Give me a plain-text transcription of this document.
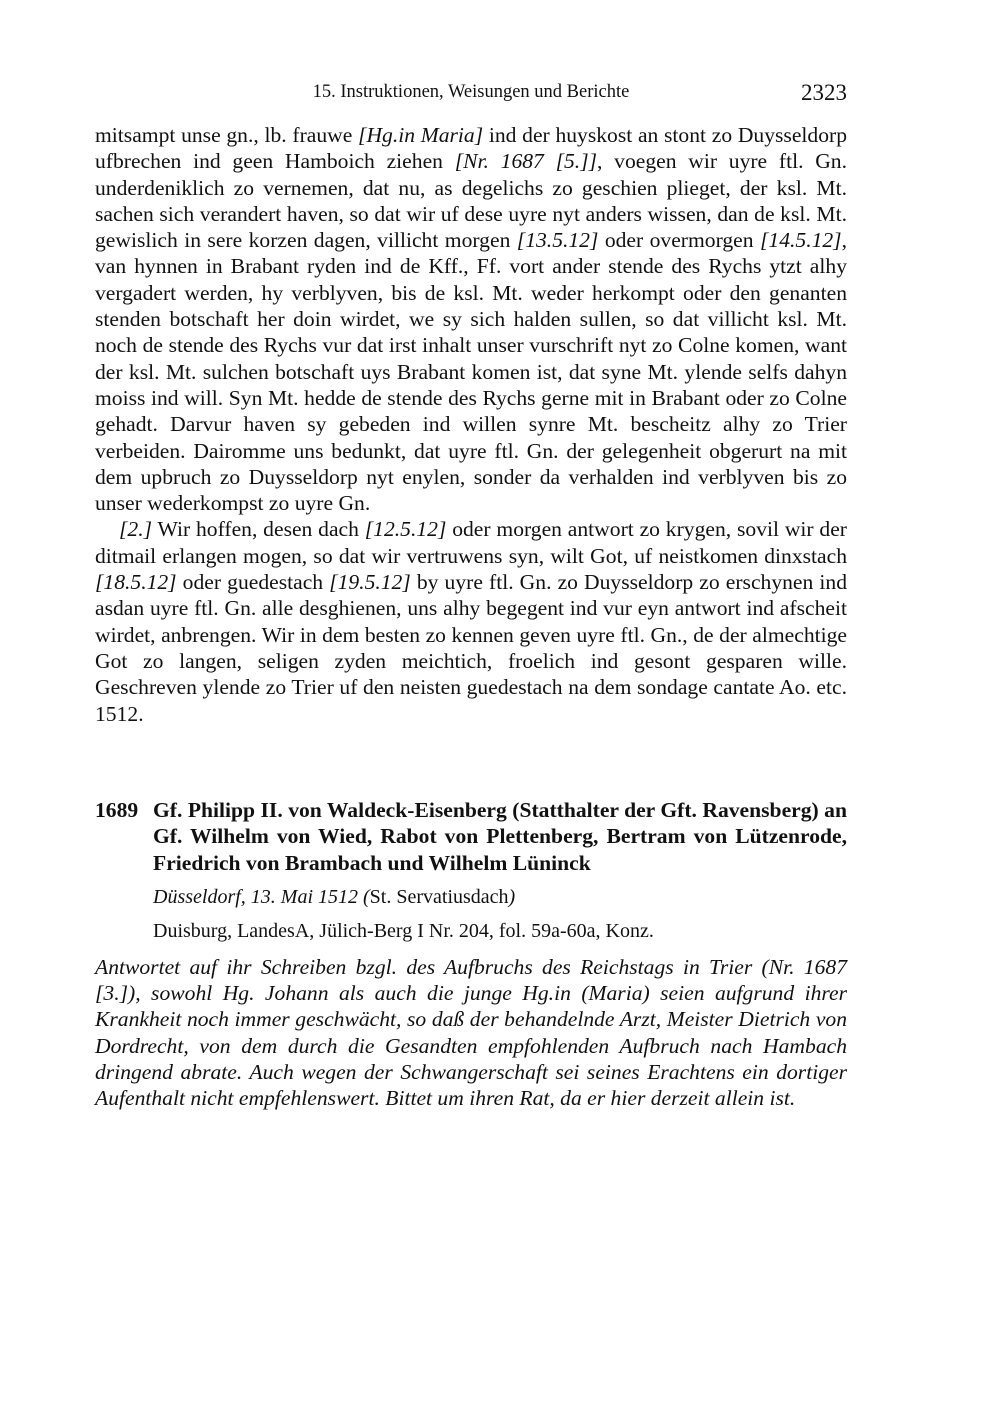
15. Instruktionen, Weisungen und Berichte	2323

mitsampt unse gn., lb. frauwe [Hg.in Maria] ind der huyskost an stont zo Duysseldorp ufbrechen ind geen Hamboich ziehen [Nr. 1687 [5.]], voegen wir uyre ftl. Gn. underdeniklich zo vernemen, dat nu, as degelichs zo geschien plieget, der ksl. Mt. sachen sich verandert haven, so dat wir uf dese uyre nyt anders wissen, dan de ksl. Mt. gewislich in sere korzen dagen, villicht morgen [13.5.12] oder overmorgen [14.5.12], van hynnen in Brabant ryden ind de Kff., Ff. vort ander stende des Rychs ytzt alhy vergadert werden, hy verblyven, bis de ksl. Mt. weder herkompt oder den genanten stenden botschaft her doin wirdet, we sy sich halden sullen, so dat villicht ksl. Mt. noch de stende des Rychs vur dat irst inhalt unser vurschrift nyt zo Colne komen, want der ksl. Mt. sulchen botschaft uys Brabant komen ist, dat syne Mt. ylende selfs dahyn moiss ind will. Syn Mt. hedde de stende des Rychs gerne mit in Brabant oder zo Colne gehadt. Darvur haven sy gebeden ind willen synre Mt. bescheitz alhy zo Trier verbeiden. Dairomme uns bedunkt, dat uyre ftl. Gn. der gelegenheit obgerurt na mit dem upbruch zo Duysseldorp nyt enylen, sonder da verhalden ind verblyven bis zo unser wederkompst zo uyre Gn.

[2.] Wir hoffen, desen dach [12.5.12] oder morgen antwort zo krygen, sovil wir der ditmail erlangen mogen, so dat wir vertruwens syn, wilt Got, uf neistkomen dinxstach [18.5.12] oder guedestach [19.5.12] by uyre ftl. Gn. zo Duysseldorp zo erschynen ind asdan uyre ftl. Gn. alle desghienen, uns alhy begegent ind vur eyn antwort ind afscheit wirdet, anbrengen. Wir in dem besten zo kennen geven uyre ftl. Gn., de der almechtige Got zo langen, seligen zyden meichtich, froelich ind gesont gesparen wille. Geschreven ylende zo Trier uf den neisten guedestach na dem sondage cantate Ao. etc. 1512.

1689 Gf. Philipp II. von Waldeck-Eisenberg (Statthalter der Gft. Ravensberg) an Gf. Wilhelm von Wied, Rabot von Plettenberg, Bertram von Lützenrode, Friedrich von Brambach und Wilhelm Lüninck
Düsseldorf, 13. Mai 1512 (St. Servatiusdach)
Duisburg, LandesA, Jülich-Berg I Nr. 204, fol. 59a-60a, Konz.
Antwortet auf ihr Schreiben bzgl. des Aufbruchs des Reichstags in Trier (Nr. 1687 [3.]), sowohl Hg. Johann als auch die junge Hg.in (Maria) seien aufgrund ihrer Krankheit noch immer geschwächt, so daß der behandelnde Arzt, Meister Dietrich von Dordrecht, von dem durch die Gesandten empfohlenden Aufbruch nach Hambach dringend abrate. Auch wegen der Schwangerschaft sei seines Erachtens ein dortiger Aufenthalt nicht empfehlenswert. Bittet um ihren Rat, da er hier derzeit allein ist.
